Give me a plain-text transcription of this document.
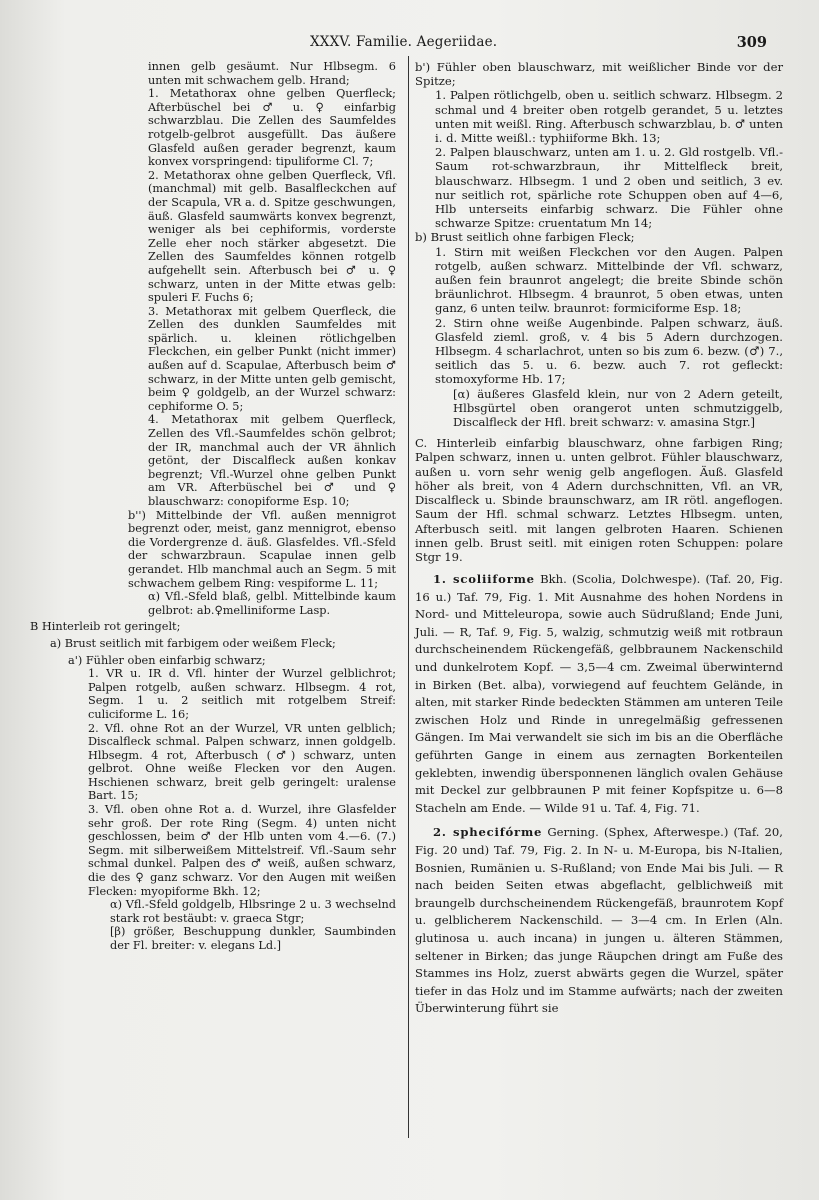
XXXV. Familie. Aegeriidae.	309

innen gelb gesäumt. Nur Hlbsegm. 6 unten mit schwachem gelb. Hrand;

1. Metathorax ohne gelben Querfleck; Afterbüschel bei ♂ u. ♀ einfarbig schwarzblau. Die Zellen des Saumfeldes rotgelb-gelbrot ausgefüllt. Das äußere Glasfeld außen gerader begrenzt, kaum konvex vorspringend: tipuliforme Cl. 7;

2. Metathorax ohne gelben Querfleck, Vfl. (manchmal) mit gelb. Basalfleckchen auf der Scapula, VR a. d. Spitze geschwungen, äuß. Glasfeld saumwärts konvex begrenzt, weniger als bei cephiformis, vorderste Zelle eher noch stärker abgesetzt. Die Zellen des Saumfeldes können rotgelb aufgehellt sein. Afterbusch bei ♂ u. ♀ schwarz, unten in der Mitte etwas gelb: spuleri F. Fuchs 6;

3. Metathorax mit gelbem Querfleck, die Zellen des dunklen Saumfeldes mit spärlich. u. kleinen rötlichgelben Fleckchen, ein gelber Punkt (nicht immer) außen auf d. Scapulae, Afterbusch beim ♂ schwarz, in der Mitte unten gelb gemischt, beim ♀ goldgelb, an der Wurzel schwarz: cephiforme O. 5;

4. Metathorax mit gelbem Querfleck, Zellen des Vfl.-Saumfeldes schön gelbrot; der IR, manchmal auch der VR ähnlich getönt, der Discalfleck außen konkav begrenzt; Vfl.-Wurzel ohne gelben Punkt am VR. Afterbüschel bei ♂ und ♀ blauschwarz: conopiforme Esp. 10;

b'') Mittelbinde der Vfl. außen mennigrot begrenzt oder, meist, ganz mennigrot, ebenso die Vordergrenze d. äuß. Glasfeldes. Vfl.-Sfeld der schwarzbraun. Scapulae innen gelb gerandet. Hlb manchmal auch an Segm. 5 mit schwachem gelbem Ring: vespiforme L. 11;

α) Vfl.-Sfeld blaß, gelbl. Mittelbinde kaum gelbrot: ab.♀melliniforme Lasp.

B Hinterleib rot geringelt;

a) Brust seitlich mit farbigem oder weißem Fleck;

a') Fühler oben einfarbig schwarz;

1. VR u. IR d. Vfl. hinter der Wurzel gelblichrot; Palpen rotgelb, außen schwarz. Hlbsegm. 4 rot, Segm. 1 u. 2 seitlich mit rotgelbem Streif: culiciforme L. 16;

2. Vfl. ohne Rot an der Wurzel, VR unten gelblich; Discalfleck schmal. Palpen schwarz, innen goldgelb. Hlbsegm. 4 rot, Afterbusch (♂) schwarz, unten gelbrot. Ohne weiße Flecken vor den Augen. Hschienen schwarz, breit gelb geringelt: uralense Bart. 15;

3. Vfl. oben ohne Rot a. d. Wurzel, ihre Glasfelder sehr groß. Der rote Ring (Segm. 4) unten nicht geschlossen, beim ♂ der Hlb unten vom 4.—6. (7.) Segm. mit silberweißem Mittelstreif. Vfl.-Saum sehr schmal dunkel. Palpen des ♂ weiß, außen schwarz, die des ♀ ganz schwarz. Vor den Augen mit weißen Flecken: myopiforme Bkh. 12;

α) Vfl.-Sfeld goldgelb, Hlbsringe 2 u. 3 wechselnd stark rot bestäubt: v. graeca Stgr;

[β) größer, Beschuppung dunkler, Saumbinden der Fl. breiter: v. elegans Ld.]

b') Fühler oben blauschwarz, mit weißlicher Binde vor der Spitze;

1. Palpen rötlichgelb, oben u. seitlich schwarz. Hlbsegm. 2 schmal und 4 breiter oben rotgelb gerandet, 5 u. letztes unten mit weißl. Ring. Afterbusch schwarzblau, b. ♂ unten i. d. Mitte weißl.: typhiiforme Bkh. 13;

2. Palpen blauschwarz, unten am 1. u. 2. Gld rostgelb. Vfl.-Saum rot-schwarzbraun, ihr Mittelfleck breit, blauschwarz. Hlbsegm. 1 und 2 oben und seitlich, 3 ev. nur seitlich rot, spärliche rote Schuppen oben auf 4—6, Hlb unterseits einfarbig schwarz. Die Fühler ohne schwarze Spitze: cruentatum Mn 14;

b) Brust seitlich ohne farbigen Fleck;

1. Stirn mit weißen Fleckchen vor den Augen. Palpen rotgelb, außen schwarz. Mittelbinde der Vfl. schwarz, außen fein braunrot angelegt; die breite Sbinde schön bräunlichrot. Hlbsegm. 4 braunrot, 5 oben etwas, unten ganz, 6 unten teilw. braunrot: formiciforme Esp. 18;

2. Stirn ohne weiße Augenbinde. Palpen schwarz, äuß. Glasfeld zieml. groß, v. 4 bis 5 Adern durchzogen. Hlbsegm. 4 scharlachrot, unten so bis zum 6. bezw. (♂) 7., seitlich das 5. u. 6. bezw. auch 7. rot gefleckt: stomoxyforme Hb. 17;

[α) äußeres Glasfeld klein, nur von 2 Adern geteilt, Hlbsgürtel oben orangerot unten schmutziggelb, Discalfleck der Hfl. breit schwarz: v. amasina Stgr.]

C. Hinterleib einfarbig blauschwarz, ohne farbigen Ring; Palpen schwarz, innen u. unten gelbrot. Fühler blauschwarz, außen u. vorn sehr wenig gelb angeflogen. Äuß. Glasfeld höher als breit, von 4 Adern durchschnitten, Vfl. an VR, Discalfleck u. Sbinde braunschwarz, am IR rötl. angeflogen. Saum der Hfl. schmal schwarz. Letztes Hlbsegm. unten, Afterbusch seitl. mit langen gelbroten Haaren. Schienen innen gelb. Brust seitl. mit einigen roten Schuppen: polare Stgr 19.

1. scoliiforme Bkh. (Scolia, Dolchwespe). (Taf. 20, Fig. 16 u.) Taf. 79, Fig. 1. Mit Ausnahme des hohen Nordens in Nord- und Mitteleuropa, sowie auch Südrußland; Ende Juni, Juli. — R, Taf. 9, Fig. 5, walzig, schmutzig weiß mit rotbraun durchscheinendem Rückengefäß, gelbbraunem Nackenschild und dunkelrotem Kopf. — 3,5—4 cm. Zweimal überwinternd in Birken (Bet. alba), vorwiegend auf feuchtem Gelände, in alten, mit starker Rinde bedeckten Stämmen am unteren Teile zwischen Holz und Rinde in unregelmäßig gefressenen Gängen. Im Mai verwandelt sie sich im bis an die Oberfläche geführten Gange in einem aus zernagten Borkenteilen geklebten, inwendig übersponnenen länglich ovalen Gehäuse mit Deckel zur gelbbraunen P mit feiner Kopfspitze u. 6—8 Stacheln am Ende. — Wilde 91 u. Taf. 4, Fig. 71.

2. sphecifórme Gerning. (Sphex, Afterwespe.) (Taf. 20, Fig. 20 und) Taf. 79, Fig. 2. In N- u. M-Europa, bis N-Italien, Bosnien, Rumänien u. S-Rußland; von Ende Mai bis Juli. — R nach beiden Seiten etwas abgeflacht, gelblichweiß mit braungelb durchscheinendem Rückengefäß, braunrotem Kopf u. gelblicherem Nackenschild. — 3—4 cm. In Erlen (Aln. glutinosa u. auch incana) in jungen u. älteren Stämmen, seltener in Birken; das junge Räupchen dringt am Fuße des Stammes ins Holz, zuerst abwärts gegen die Wurzel, später tiefer in das Holz und im Stamme aufwärts; nach der zweiten Überwinterung führt sie
